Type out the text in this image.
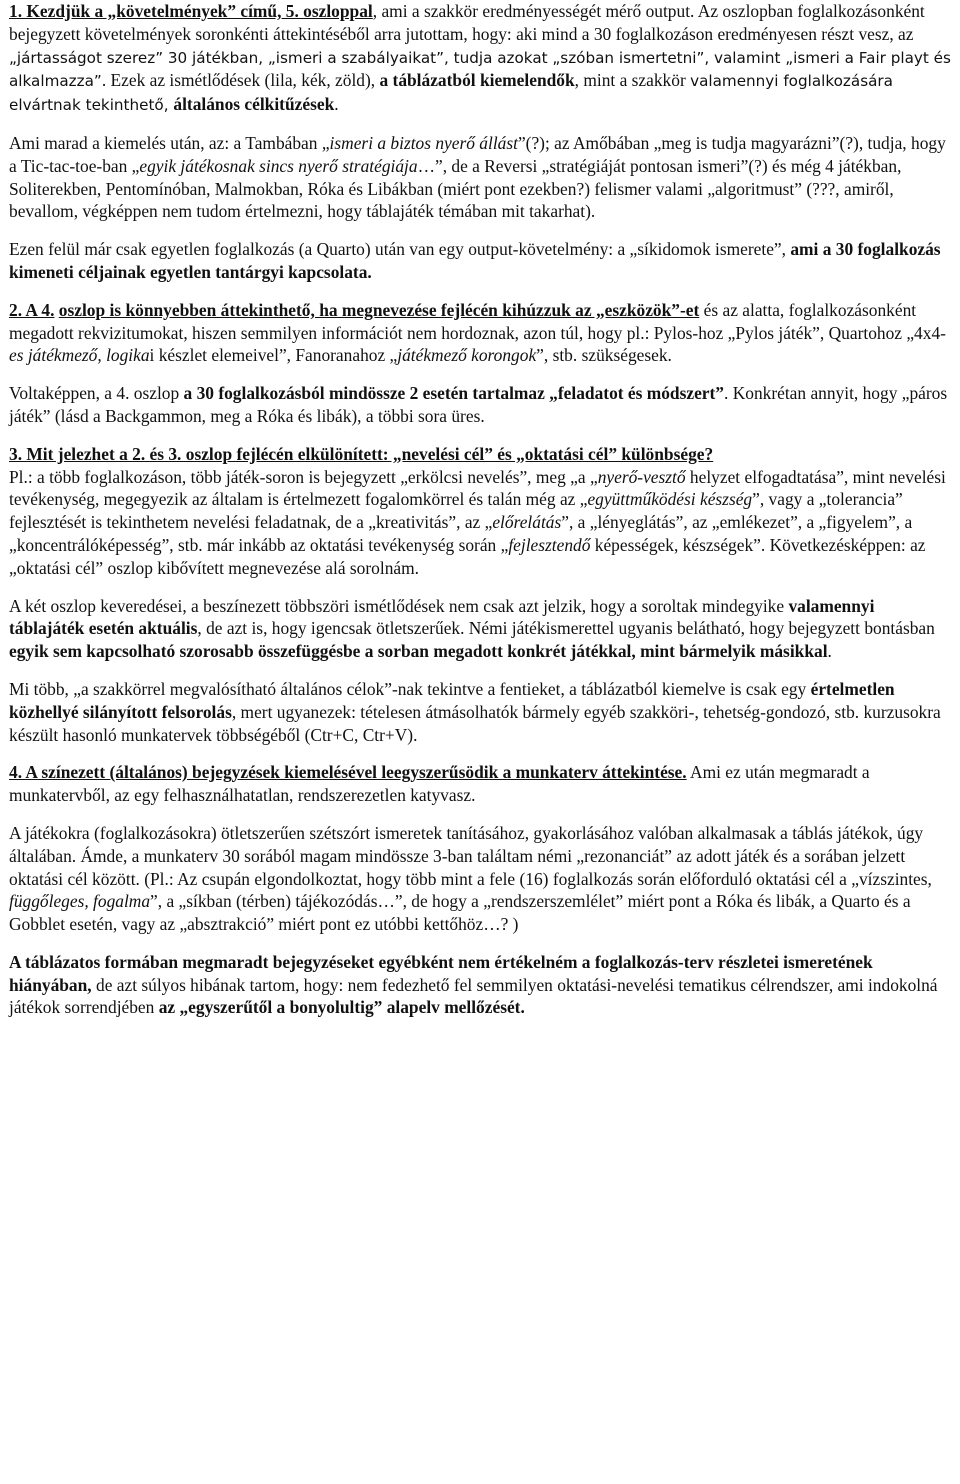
1. Kezdjük a „követelmények” című, 5. oszloppal, ami a szakkör eredményességét mérő output. Az oszlopban foglalkozásonként bejegyzett követelmények soronkénti áttekintéséből arra jutottam, hogy: aki mind a 30 foglalkozáson eredményesen részt vesz, az „jártasságot szerez” 30 játékban, „ismeri a szabályaikat”, tudja azokat „szóban ismertetni”, valamint „ismeri a Fair playt és alkalmazza”. Ezek az ismétlődések (lila, kék, zöld), a táblázatból kiemelendők, mint a szakkör valamennyi foglalkozására elvártnak tekinthető, általános célkitűzések.

Ami marad a kiemelés után, az: a Tambában „ismeri a biztos nyerő állást”(?); az Amőbában „meg is tudja magyarázni”(?), tudja, hogy a Tic-tac-toe-ban „egyik játékosnak sincs nyerő stratégiája…”, de a Reversi „stratégiáját pontosan ismeri”(?) és még 4 játékban, Soliterekben, Pentomínóban, Malmokban, Róka és Libákban (miért pont ezekben?) felismer valami „algoritmust” (???, amiről, bevallom, végképpen nem tudom értelmezni, hogy táblajáték témában mit takarhat).

Ezen felül már csak egyetlen foglalkozás (a Quarto) után van egy output-követelmény: a „síkidomok ismerete”, ami a 30 foglalkozás kimeneti céljainak egyetlen tantárgyi kapcsolata.

2. A 4. oszlop is könnyebben áttekinthető, ha megnevezése fejlécén kihúzzuk az „eszközök”-et és az alatta, foglalkozásonként megadott rekvizitumokat, hiszen semmilyen információt nem hordoznak, azon túl, hogy pl.: Pylos-hoz „Pylos játék”, Quartohoz „4x4-es játékmező, logikai készlet elemeivel”, Fanoranahoz „játékmező korongok”, stb. szükségesek.

Voltaképpen, a 4. oszlop a 30 foglalkozásból mindössze 2 esetén tartalmaz „feladatot és módszert”. Konkrétan annyit, hogy „páros játék” (lásd a Backgammon, meg a Róka és libák), a többi sora üres.

3. Mit jelezhet a 2. és 3. oszlop fejlécén elkülönített: „nevelési cél” és „oktatási cél” különbsége?
Pl.: a több foglalkozáson, több játék-soron is bejegyzett „erkölcsi nevelés”, meg „a „nyerő-vesztő helyzet elfogadtatása”, mint nevelési tevékenység, megegyezik az általam is értelmezett fogalomkörrel és talán még az „együttműködési készség”, vagy a „tolerancia” fejlesztését is tekinthetem nevelési feladatnak, de a „kreativitás”, az „előrelátás”, a „lényeglátás”, az „emlékezet”, a „figyelem”, a „koncentrálóképesség”, stb. már inkább az oktatási tevékenység során „fejlesztendő képességek, készségek”. Következésképpen: az „oktatási cél” oszlop kibővített megnevezése alá sorolnám.

A két oszlop keveredései, a beszínezett többszöri ismétlődések nem csak azt jelzik, hogy a soroltak mindegyike valamennyi táblajáték esetén aktuális, de azt is, hogy igencsak ötletszerűek. Némi játékismerettel ugyanis belátható, hogy bejegyzett bontásban egyik sem kapcsolható szorosabb összefüggésbe a sorban megadott konkrét játékkal, mint bármelyik másikkal.

Mi több, „a szakkörrel megvalósítható általános célok”-nak tekintve a fentieket, a táblázatból kiemelve is csak egy értelmetlen közhellyé silányított felsorolás, mert ugyanezek: tételesen átmásolhatók bármely egyéb szakköri-, tehetség-gondozó, stb. kurzusokra készült hasonló munkatervek többségéből (Ctr+C, Ctr+V).

4. A színezett (általános) bejegyzések kiemelésével leegyszerűsödik a munkaterv áttekintése. Ami ez után megmaradt a munkatervből, az egy felhasználhatatlan, rendszerezetlen katyvasz.

A játékokra (foglalkozásokra) ötletszerűen szétszórt ismeretek tanításához, gyakorlásához valóban alkalmasak a táblás játékok, úgy általában. Ámde, a munkaterv 30 sorából magam mindössze 3-ban találtam némi „rezonanciát” az adott játék és a sorában jelzett oktatási cél között. (Pl.: Az csupán elgondolkoztat, hogy több mint a fele (16) foglalkozás során előforduló oktatási cél a „vízszintes, függőleges, fogalma”, a „síkban (térben) tájékozódás…”, de hogy a „rendszerszemlélet” miért pont a Róka és libák, a Quarto és a Gobblet esetén, vagy az „absztrakció” miért pont ez utóbbi kettőhöz…? )

A táblázatos formában megmaradt bejegyzéseket egyébként nem értékelném a foglalkozás-terv részletei ismeretének hiányában, de azt súlyos hibának tartom, hogy: nem fedezhető fel semmilyen oktatási-nevelési tematikus célrendszer, ami indokolná játékok sorrendjében az „egyszerűtől a bonyolultig” alapelv mellőzését.
